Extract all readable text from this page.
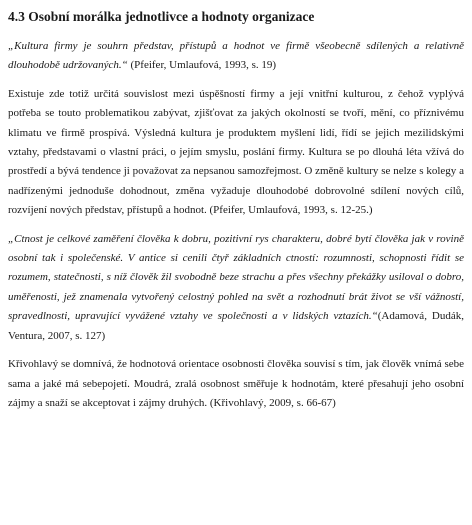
4.3 Osobní morálka jednotlivce a hodnoty organizace

„Kultura firmy je souhrn představ, přístupů a hodnot ve firmě všeobecně sdílených a relativně dlouhodobě udržovaných.“ (Pfeifer, Umlaufová, 1993, s. 19)

Existuje zde totiž určitá souvislost mezi úspěšností firmy a její vnitřní kulturou, z čehož vyplývá potřeba se touto problematikou zabývat, zjišťovat za jakých okolností se tvoří, mění, co příznivému klimatu ve firmě prospívá. Výsledná kultura je produktem myšlení lidí, řídí se jejich mezilidskými vztahy, představami o vlastní práci, o jejím smyslu, poslání firmy. Kultura se po dlouhá léta vžívá do prostředí a bývá tendence ji považovat za nepsanou samozřejmost. O změně kultury se nelze s kolegy a nadřízenými jednoduše dohodnout, změna vyžaduje dlouhodobé dobrovolné sdílení nových cílů, rozvíjení nových představ, přístupů a hodnot. (Pfeifer, Umlaufová, 1993, s. 12-25.)

„Ctnost je celkové zaměření člověka k dobru, pozitivní rys charakteru, dobré bytí člověka jak v rovině osobní tak i společenské. V antice si cenili čtyř základních ctností: rozumnosti, schopnosti řídit se rozumem, statečnosti, s níž člověk žil svobodně beze strachu a přes všechny překážky usiloval o dobro, uměřenosti, jež znamenala vytvořený celostný pohled na svět a rozhodnutí brát život se vší vážností, spravedlnosti, upravující vyvážené vztahy ve společnosti a v lidských vztazích.“(Adamová, Dudák, Ventura, 2007, s. 127)

Křivohlavý se domnívá, že hodnotová orientace osobnosti člověka souvisí s tím, jak člověk vnímá sebe sama a jaké má sebepojetí. Moudrá, zralá osobnost směřuje k hodnotám, které přesahují jeho osobní zájmy a snaží se akceptovat i zájmy druhých. (Křivohlavý, 2009, s. 66-67)
